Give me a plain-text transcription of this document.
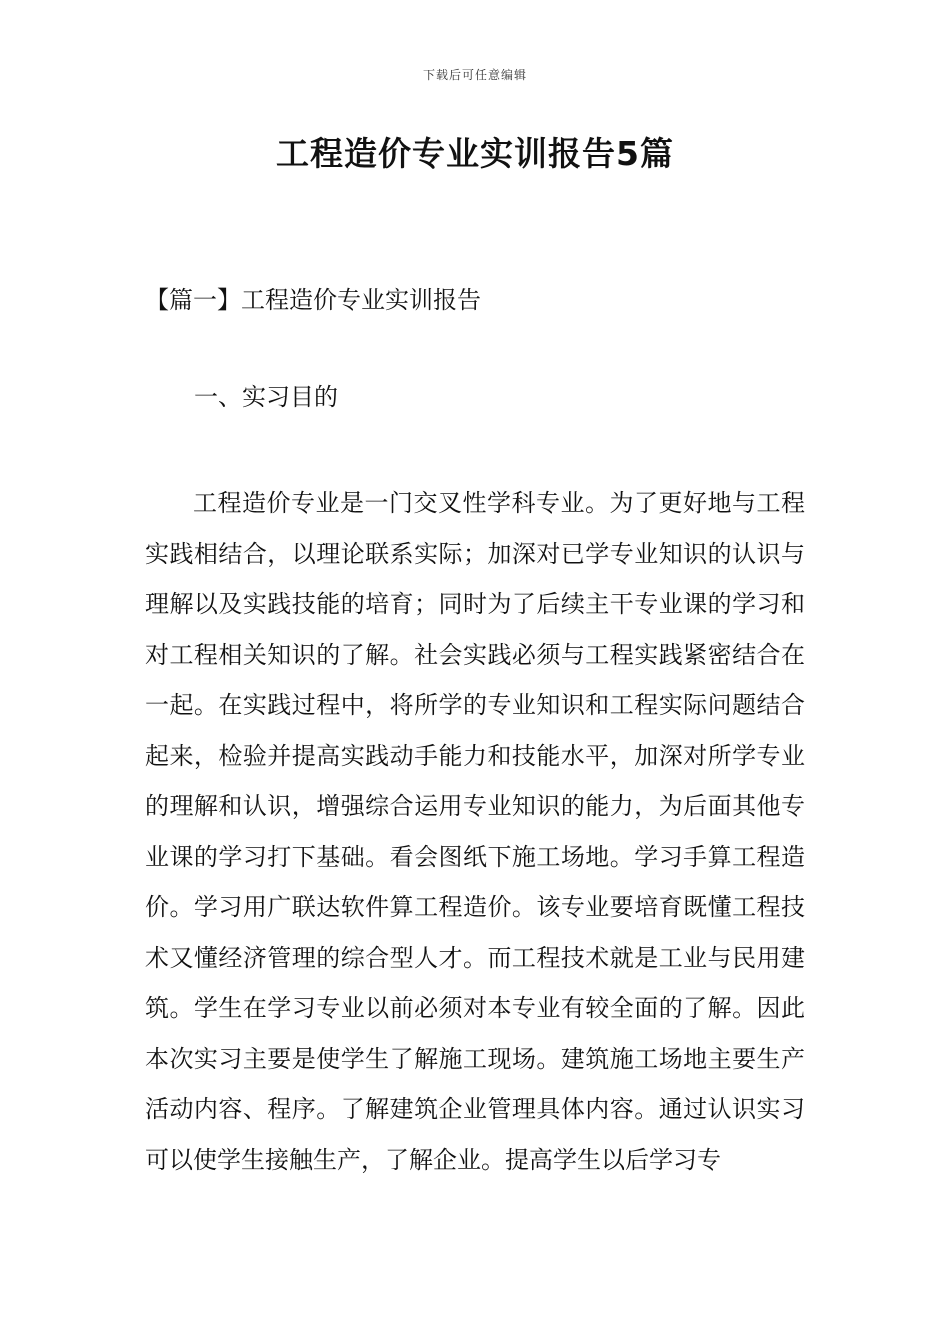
下载后可任意编辑
工程造价专业实训报告5篇
【篇一】工程造价专业实训报告
一、实习目的

工程造价专业是一门交叉性学科专业。为了更好地与工程实践相结合，以理论联系实际；加深对已学专业知识的认识与理解以及实践技能的培育；同时为了后续主干专业课的学习和对工程相关知识的了解。社会实践必须与工程实践紧密结合在一起。在实践过程中，将所学的专业知识和工程实际问题结合起来，检验并提高实践动手能力和技能水平，加深对所学专业的理解和认识，增强综合运用专业知识的能力，为后面其他专业课的学习打下基础。看会图纸下施工场地。学习手算工程造价。学习用广联达软件算工程造价。该专业要培育既懂工程技术又懂经济管理的综合型人才。而工程技术就是工业与民用建筑。学生在学习专业以前必须对本专业有较全面的了解。因此本次实习主要是使学生了解施工现场。建筑施工场地主要生产活动内容、程序。了解建筑企业管理具体内容。通过认识实习可以使学生接触生产，了解企业。提高学生以后学习专
